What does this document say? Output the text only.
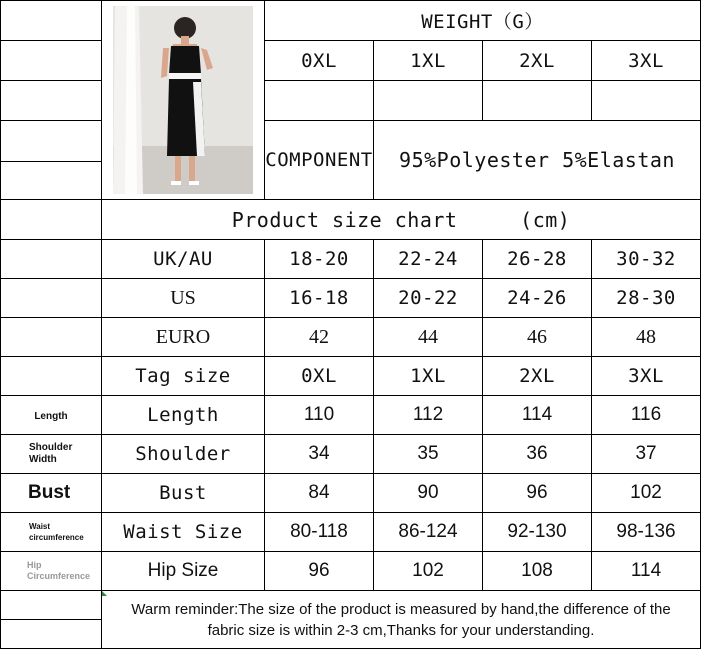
	WEIGHT（G）			
		0XL	1XL	2XL	3XL

		COMPONENT	95%Polyester 5%Elastan		

	Product size chart     (cm)				
	UK/AU	18-20	22-24	26-28	30-32
	US	16-18	20-22	24-26	28-30
	EURO	42	44	46	48
	Tag size	0XL	1XL	2XL	3XL
Length	Length	110	112	114	116

Shoulder Width	Shoulder	34	35	36	37
Bust	Bust	84	90	96	102

Waist circumference	Waist Size	80-118	86-124	92-130	98-136

Hip Circumference	Hip Size	96	102	108	114

	Warm reminder:The size of the product is measured by hand,the difference of the fabric size is within 2-3 cm,Thanks for your understanding.				
